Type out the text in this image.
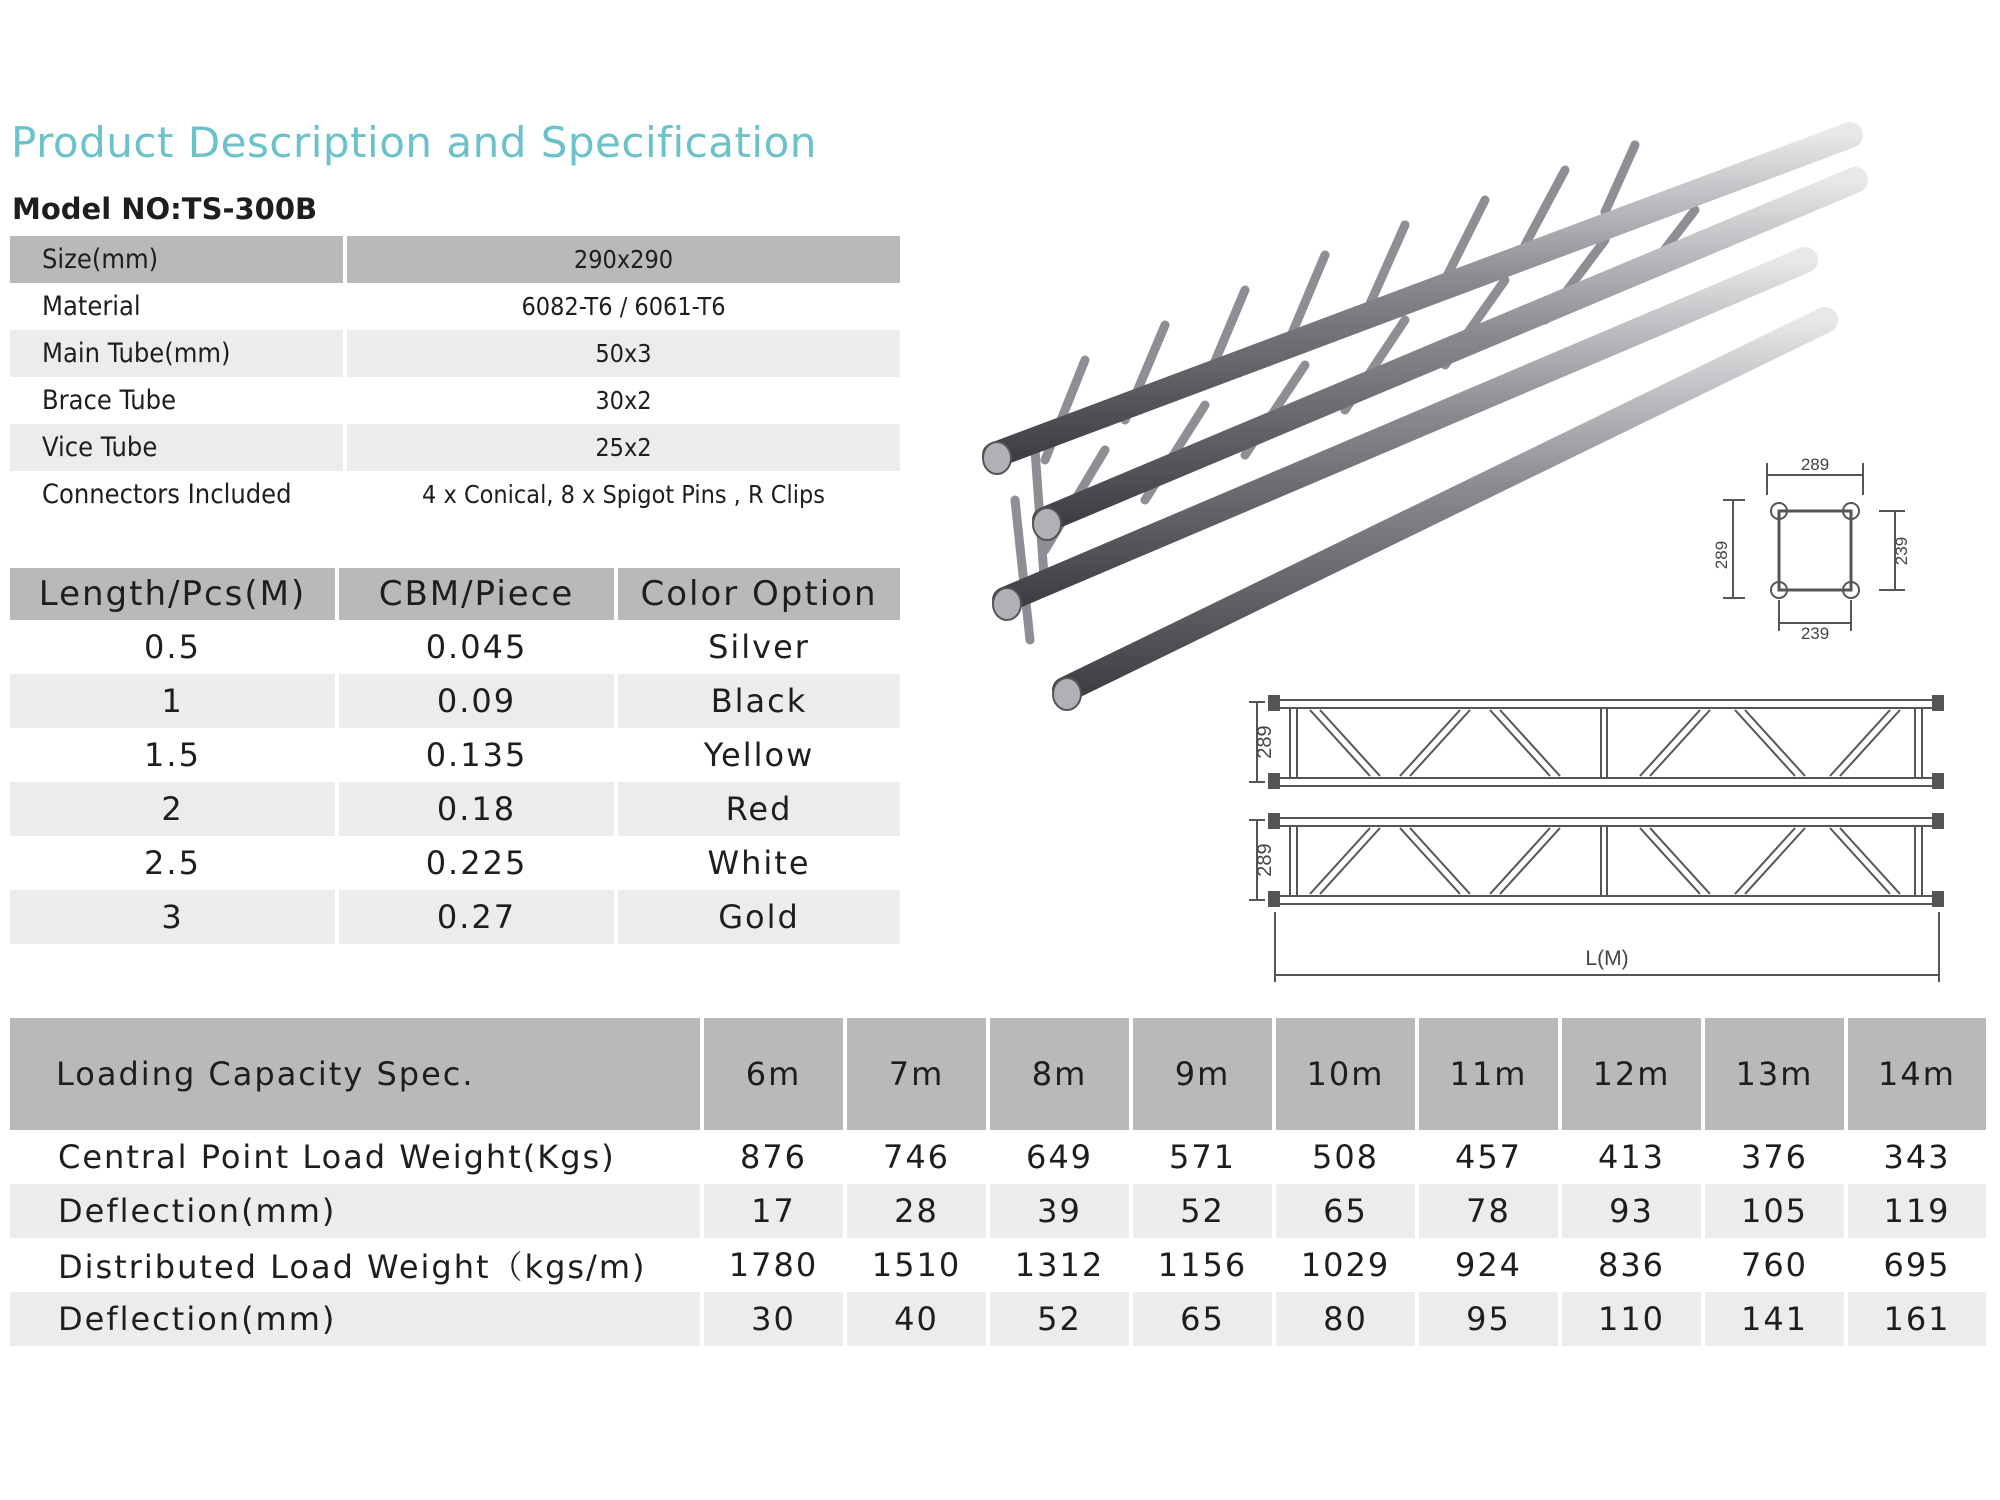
Product Description and Specification
Model NO:TS-300B
Size(mm)	290x290
Material	6082-T6 / 6061-T6
Main Tube(mm)	50x3
Brace Tube	30x2
Vice Tube	25x2
Connectors Included	4 x Conical, 8 x Spigot Pins , R Clips
Length/Pcs(M)	CBM/Piece	Color Option
0.5	0.045	Silver
1	0.09	Black
1.5	0.135	Yellow
2	0.18	Red
2.5	0.225	White
3	0.27	Gold
289
289	239
239
289
289
L(M)
Loading Capacity Spec.	6m	7m	8m	9m	10m	11m	12m	13m	14m
Central Point Load Weight(Kgs)	876	746	649	571	508	457	413	376	343
Deflection(mm)	17	28	39	52	65	78	93	105	119
Distributed Load Weight（kgs/m)	1780	1510	1312	1156	1029	924	836	760	695
Deflection(mm)	30	40	52	65	80	95	110	141	161
